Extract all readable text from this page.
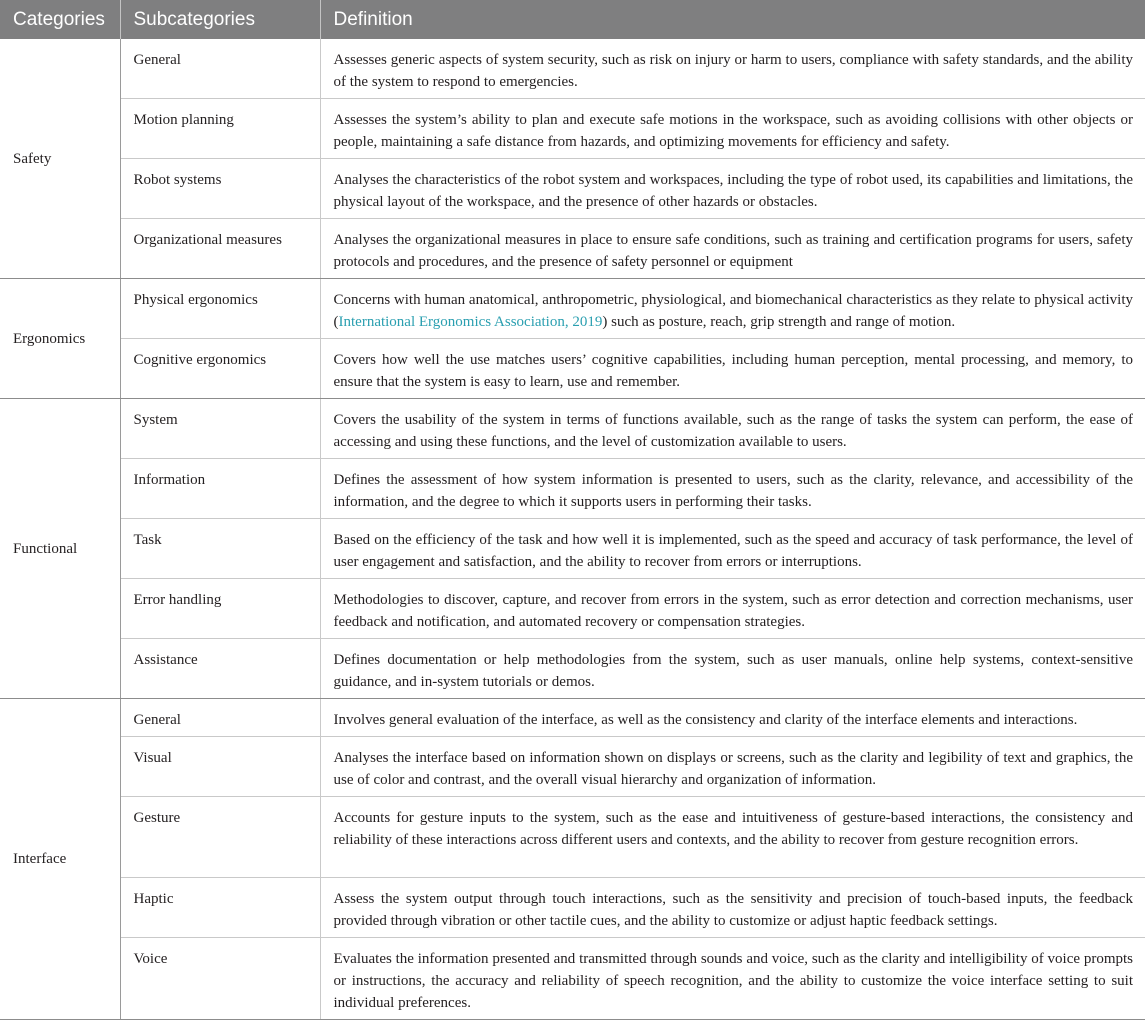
Categories	Subcategories	Definition
Safety	General	Assesses generic aspects of system security, such as risk on injury or harm to users, compliance with safety standards, and the ability of the system to respond to emergencies.
	Motion planning	Assesses the system’s ability to plan and execute safe motions in the workspace, such as avoiding collisions with other objects or people, maintaining a safe distance from hazards, and optimizing movements for efficiency and safety.
	Robot systems	Analyses the characteristics of the robot system and workspaces, including the type of robot used, its capabilities and limitations, the physical layout of the workspace, and the presence of other hazards or obstacles.
	Organizational measures	Analyses the organizational measures in place to ensure safe conditions, such as training and certification programs for users, safety protocols and procedures, and the presence of safety personnel or equipment
Ergonomics	Physical ergonomics	Concerns with human anatomical, anthropometric, physiological, and biomechanical characteristics as they relate to physical activity (International Ergonomics Association, 2019) such as posture, reach, grip strength and range of motion.
	Cognitive ergonomics	Covers how well the use matches users’ cognitive capabilities, including human perception, mental processing, and memory, to ensure that the system is easy to learn, use and remember.
Functional	System	Covers the usability of the system in terms of functions available, such as the range of tasks the system can perform, the ease of accessing and using these functions, and the level of customization available to users.
	Information	Defines the assessment of how system information is presented to users, such as the clarity, relevance, and accessibility of the information, and the degree to which it supports users in performing their tasks.
	Task	Based on the efficiency of the task and how well it is implemented, such as the speed and accuracy of task performance, the level of user engagement and satisfaction, and the ability to recover from errors or interruptions.
	Error handling	Methodologies to discover, capture, and recover from errors in the system, such as error detection and correction mechanisms, user feedback and notification, and automated recovery or compensation strategies.
	Assistance	Defines documentation or help methodologies from the system, such as user manuals, online help systems, context-sensitive guidance, and in-system tutorials or demos.
Interface	General	Involves general evaluation of the interface, as well as the consistency and clarity of the interface elements and interactions.
	Visual	Analyses the interface based on information shown on displays or screens, such as the clarity and legibility of text and graphics, the use of color and contrast, and the overall visual hierarchy and organization of information.
	Gesture	Accounts for gesture inputs to the system, such as the ease and intuitiveness of gesture-based interactions, the consistency and reliability of these interactions across different users and contexts, and the ability to recover from gesture recognition errors.
	Haptic	Assess the system output through touch interactions, such as the sensitivity and precision of touch-based inputs, the feedback provided through vibration or other tactile cues, and the ability to customize or adjust haptic feedback settings.
	Voice	Evaluates the information presented and transmitted through sounds and voice, such as the clarity and intelligibility of voice prompts or instructions, the accuracy and reliability of speech recognition, and the ability to customize the voice interface setting to suit individual preferences.
